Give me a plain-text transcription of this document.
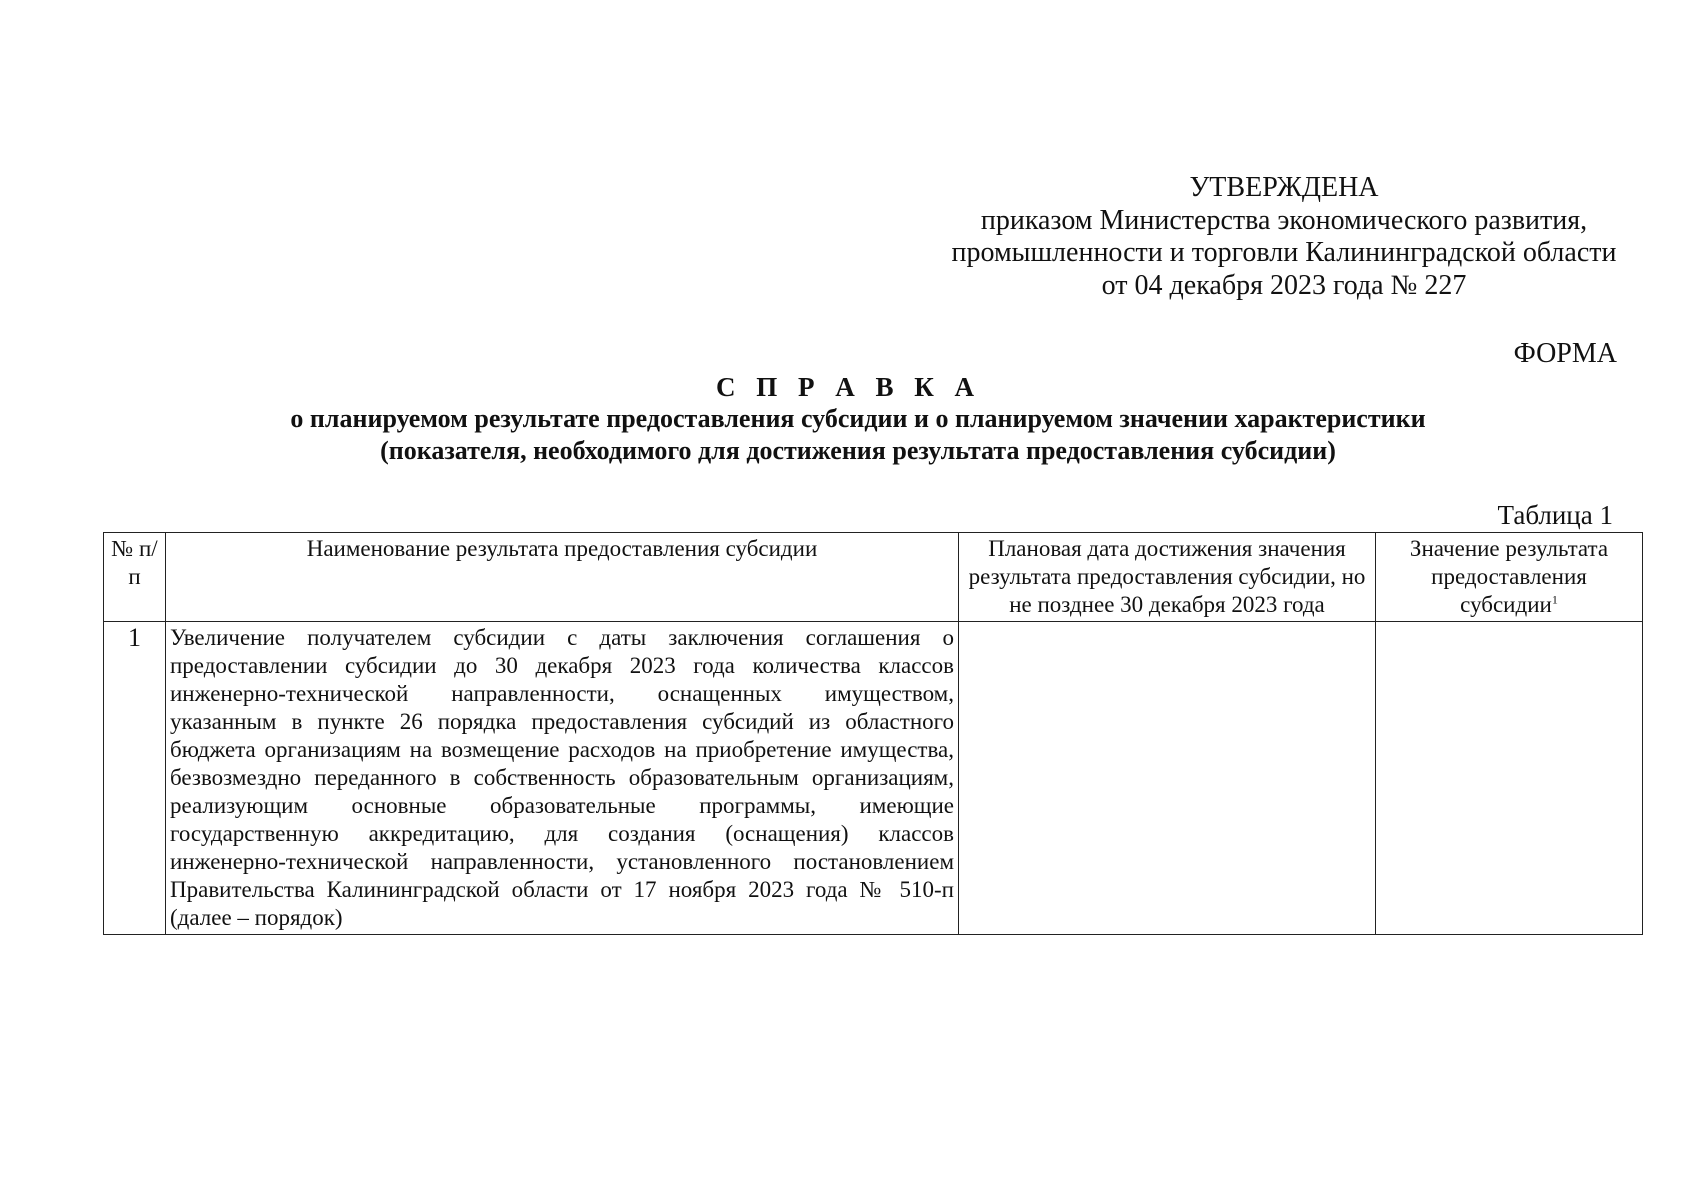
УТВЕРЖДЕНА
приказом Министерства экономического развития,
промышленности и торговли Калининградской области
от 04 декабря 2023 года № 227
ФОРМА
С П Р А В К А
о планируемом результате предоставления субсидии и о планируемом значении характеристики
(показателя, необходимого для достижения результата предоставления субсидии)
Таблица 1
№ п/п	Наименование результата предоставления субсидии	Плановая дата достижения значения результата предоставления субсидии, но не позднее 30 декабря 2023 года	Значение результата предоставления субсидии$^1$
1	Увеличение получателем субсидии с даты заключения соглашения о предоставлении субсидии до 30 декабря 2023 года количества классов инженерно-технической направленности, оснащенных имуществом, указанным в пункте 26 порядка предоставления субсидий из областного бюджета организациям на возмещение расходов на приобретение имущества, безвозмездно переданного в собственность образовательным организациям, реализующим основные образовательные программы, имеющие государственную аккредитацию, для создания (оснащения) классов инженерно-технической направленности, установленного постановлением Правительства Калининградской области от 17 ноября 2023 года № 510-п (далее – порядок)		
